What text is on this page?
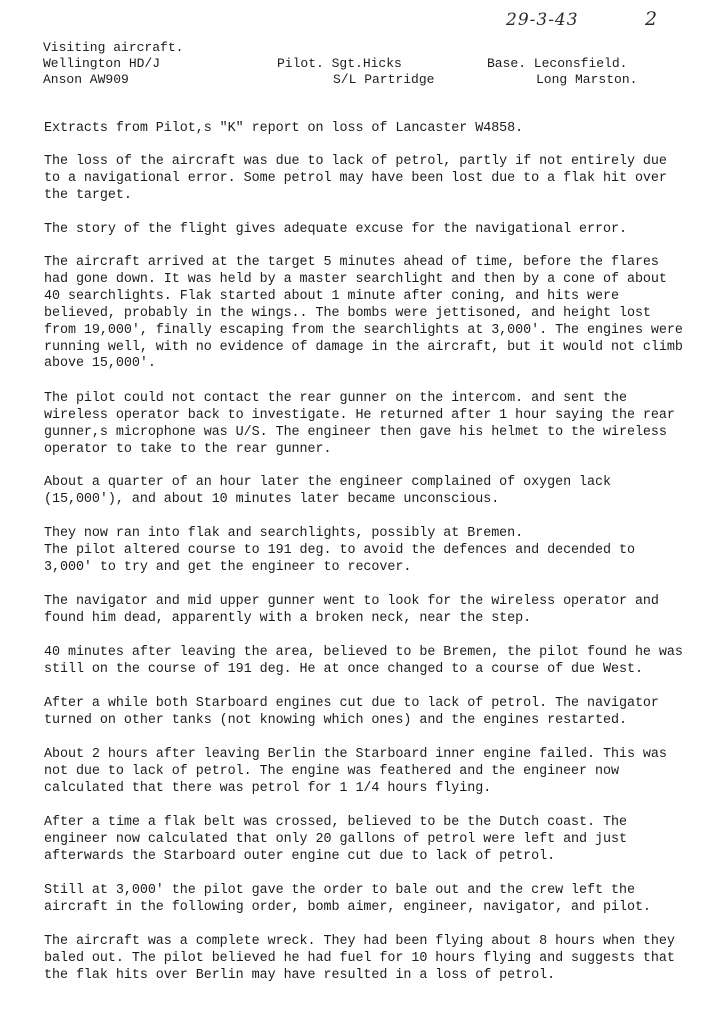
29-3-43	2
Visiting aircraft.
Wellington HD/J
Anson AW909
Pilot. Sgt.Hicks
S/L Partridge
Base. Leconsfield.
Long Marston.
Extracts from Pilot,s "K" report on loss of Lancaster W4858.
The loss of the aircraft was due to lack of petrol, partly if not entirely due
to a navigational error. Some petrol may have been lost due to a flak hit over
the target.
The story of the flight gives adequate excuse for the navigational error.
The aircraft arrived at the target 5 minutes ahead of time, before the flares
had gone down. It was held by a master searchlight and then by a cone of about
40 searchlights. Flak started about 1 minute after coning, and hits were
believed, probably in the wings.. The bombs were jettisoned, and height lost
from 19,000', finally escaping from the searchlights at 3,000'. The engines were
running well, with no evidence of damage in the aircraft, but it would not climb
above 15,000'.
The pilot could not contact the rear gunner on the intercom. and sent the
wireless operator back to investigate. He returned after 1 hour saying the rear
gunner,s microphone was U/S. The engineer then gave his helmet to the wireless
operator to take to the rear gunner.
About a quarter of an hour later the engineer complained of oxygen lack
(15,000'), and about 10 minutes later became unconscious.
They now ran into flak and searchlights, possibly at Bremen.
The pilot altered course to 191 deg. to avoid the defences and decended to
3,000' to try and get the engineer to recover.
The navigator and mid upper gunner went to look for the wireless operator and
found him dead, apparently with a broken neck, near the step.
40 minutes after leaving the area, believed to be Bremen, the pilot found he was
still on the course of 191 deg. He at once changed to a course of due West.
After a while both Starboard engines cut due to lack of petrol. The navigator
turned on other tanks (not knowing which ones) and the engines restarted.
About 2 hours after leaving Berlin the Starboard inner engine failed. This was
not due to lack of petrol. The engine was feathered and the engineer now
calculated that there was petrol for 1 1/4 hours flying.
After a time a flak belt was crossed, believed to be the Dutch coast. The
engineer now calculated that only 20 gallons of petrol were left and just
afterwards the Starboard outer engine cut due to lack of petrol.
Still at 3,000' the pilot gave the order to bale out and the crew left the
aircraft in the following order, bomb aimer, engineer, navigator, and pilot.
The aircraft was a complete wreck. They had been flying about 8 hours when they
baled out. The pilot believed he had fuel for 10 hours flying and suggests that
the flak hits over Berlin may have resulted in a loss of petrol.
